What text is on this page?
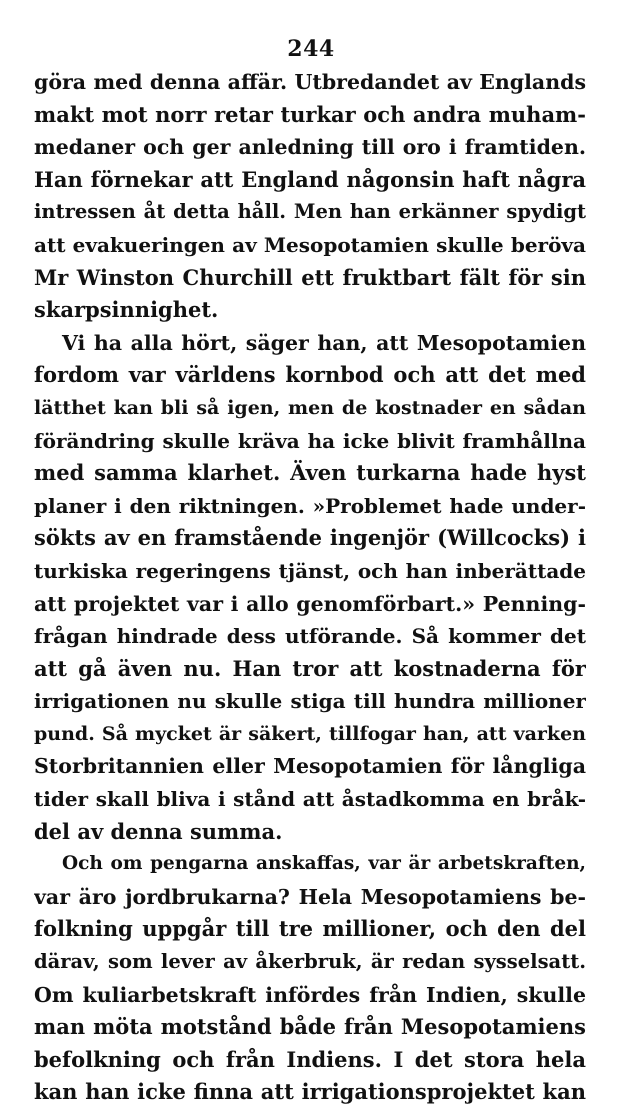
244
göra med denna affär. Utbredandet av Englands
makt mot norr retar turkar och andra muham-
medaner och ger anledning till oro i framtiden.
Han förnekar att England någonsin haft några
intressen åt detta håll. Men han erkänner spydigt
att evakueringen av Mesopotamien skulle beröva
Mr Winston Churchill ett fruktbart fält för sin
skarpsinnighet.
Vi ha alla hört, säger han, att Mesopotamien
fordom var världens kornbod och att det med
lätthet kan bli så igen, men de kostnader en sådan
förändring skulle kräva ha icke blivit framhållna
med samma klarhet. Även turkarna hade hyst
planer i den riktningen. »Problemet hade under-
sökts av en framstående ingenjör (Willcocks) i
turkiska regeringens tjänst, och han inberättade
att projektet var i allo genomförbart.» Penning-
frågan hindrade dess utförande. Så kommer det
att gå även nu. Han tror att kostnaderna för
irrigationen nu skulle stiga till hundra millioner
pund. Så mycket är säkert, tillfogar han, att varken
Storbritannien eller Mesopotamien för långliga
tider skall bliva i stånd att åstadkomma en bråk-
del av denna summa.
Och om pengarna anskaffas, var är arbetskraften,
var äro jordbrukarna? Hela Mesopotamiens be-
folkning uppgår till tre millioner, och den del
därav, som lever av åkerbruk, är redan sysselsatt.
Om kuliarbetskraft infördes från Indien, skulle
man möta motstånd både från Mesopotamiens
befolkning och från Indiens. I det stora hela
kan han icke finna att irrigationsprojektet kan
